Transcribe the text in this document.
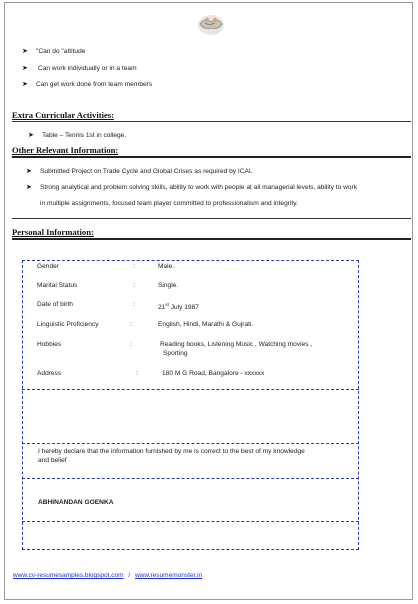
➤	"Can do "attitude
➤	Can work individually or in a team
➤	Can get work done from team members
Extra Curricular Activities:
➤	Table – Tennis 1st in college.
Other Relevant Information:
➤	Submitted Project on Trade Cycle and Global Crises as required by ICAI.
➤	Strong analytical and problem solving skills, ability to work with people at all managerial levels, ability to work
in multiple assignments, focused team player committed to professionalism and integrity.
Personal Information:
Gender	:	Male.
Marital Status	:	Single.
Date of birth	:	21st July 1987
Linguistic Proficiency	:	English, Hindi, Marathi & Gujrati.
Hobbies	:	Reading books, Listening Music , Watching movies ,
Sporting
Address	:	180 M G Road, Bangalore - xxxxxx
I hereby declare that the information furnished by me is correct to the best of my knowledge
and belief
ABHINANDAN GOENKA
www.cv-resumesamples.blogspot.com / www.resumemonster.in
